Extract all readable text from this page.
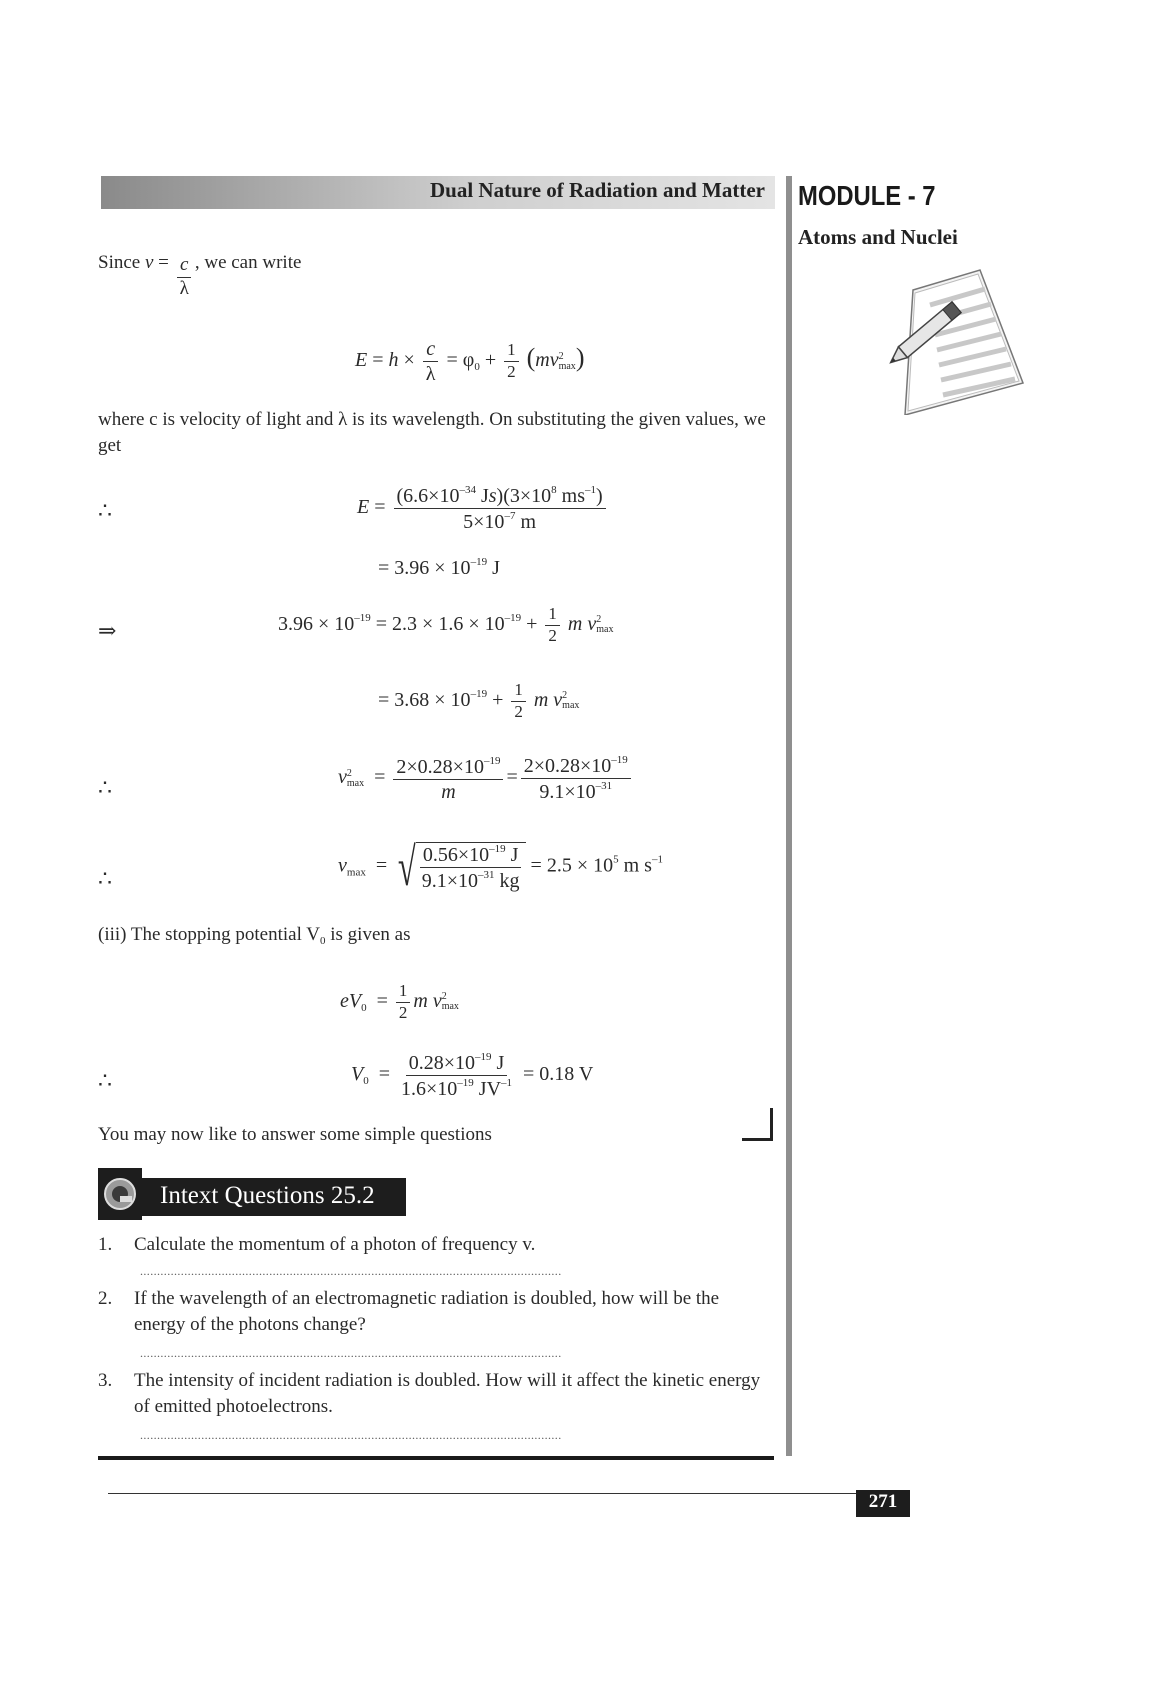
Dual Nature of Radiation and Matter MODULE - 7
Atoms and Nuclei
Since $v = \frac{c}{\lambda}$ , we can write
$E = h \times \frac{c}{\lambda} = \varphi_0 + \frac{1}{2} (mv$ 2
max )
where c is velocity of light and λ is its wavelength. On substituting the given values, we get
∴	$E = \frac{(6.6\times 10^{-34} Js)(3\times 10^8 ms^{-1})}{5\times 10^{-7} m}$
= $3.96 \times 10^{-19}$ J
⇒	$3.96 \times 10^{-19} = 2.3 \times 1.6 \times 10^{-19} + \frac{1}{2}$ m v 2
max
= $3.68 \times 10^{-19} + \frac{1}{2}$ m v 2
max
∴	v 2
$\max = \frac{2\times 0.28\times 10^{-19}}{m} = \frac{2\times 0.28\times 10^{-19}}{9.1\times 10^{-31}}$
∴
$v_{max}$  = √ $\frac{0.56\times 10^{-19} J}{9.1\times 10^{-31} kg} = 2.5 \times 10^5$ m $s^{-1}$
(iii) The stopping potential $V_0$ is given as
$eV_0 = \frac{1}{2}$ m v 2
max
∴	$V_0 = \frac{0.28\times 10^{-19} J}{1.6\times 10^{-19} JV^{-1}} = 0.18$ V
You may now like to answer some simple questions
Intext Questions 25.2
1. Calculate the momentum of a photon of frequency v.
............................................................................................................................
2. If the wavelength of an electromagnetic radiation is doubled, how will be the energy of the photons change?
............................................................................................................................
3. The intensity of incident radiation is doubled. How will it affect the kinetic energy of emitted photoelectrons.
............................................................................................................................
271
